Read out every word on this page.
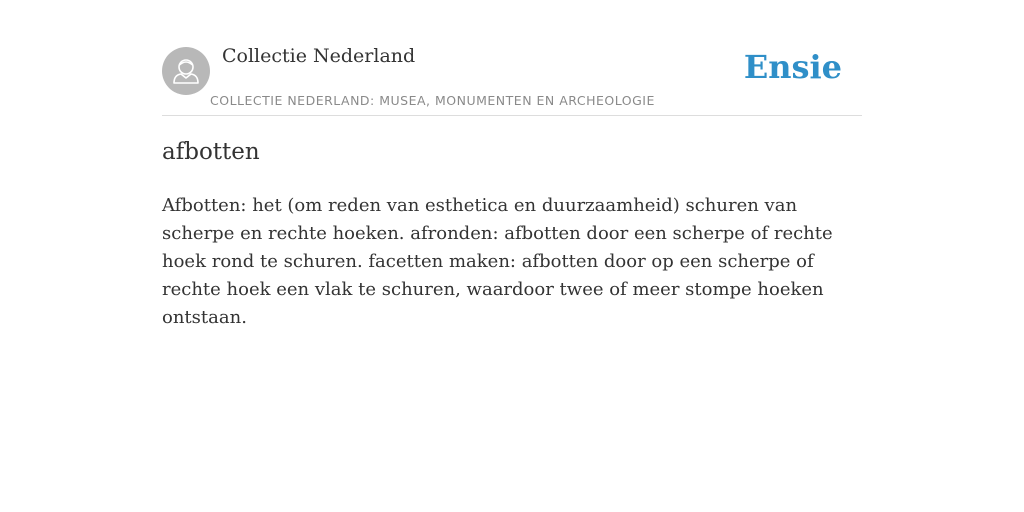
Collectie Nederland
COLLECTIE NEDERLAND: MUSEA, MONUMENTEN EN ARCHEOLOGIE
Ensie
afbotten

Afbotten: het (om reden van esthetica en duurzaamheid) schuren van scherpe en rechte hoeken. afronden: afbotten door een scherpe of rechte hoek rond te schuren. facetten maken: afbotten door op een scherpe of rechte hoek een vlak te schuren, waardoor twee of meer stompe hoeken ontstaan.
